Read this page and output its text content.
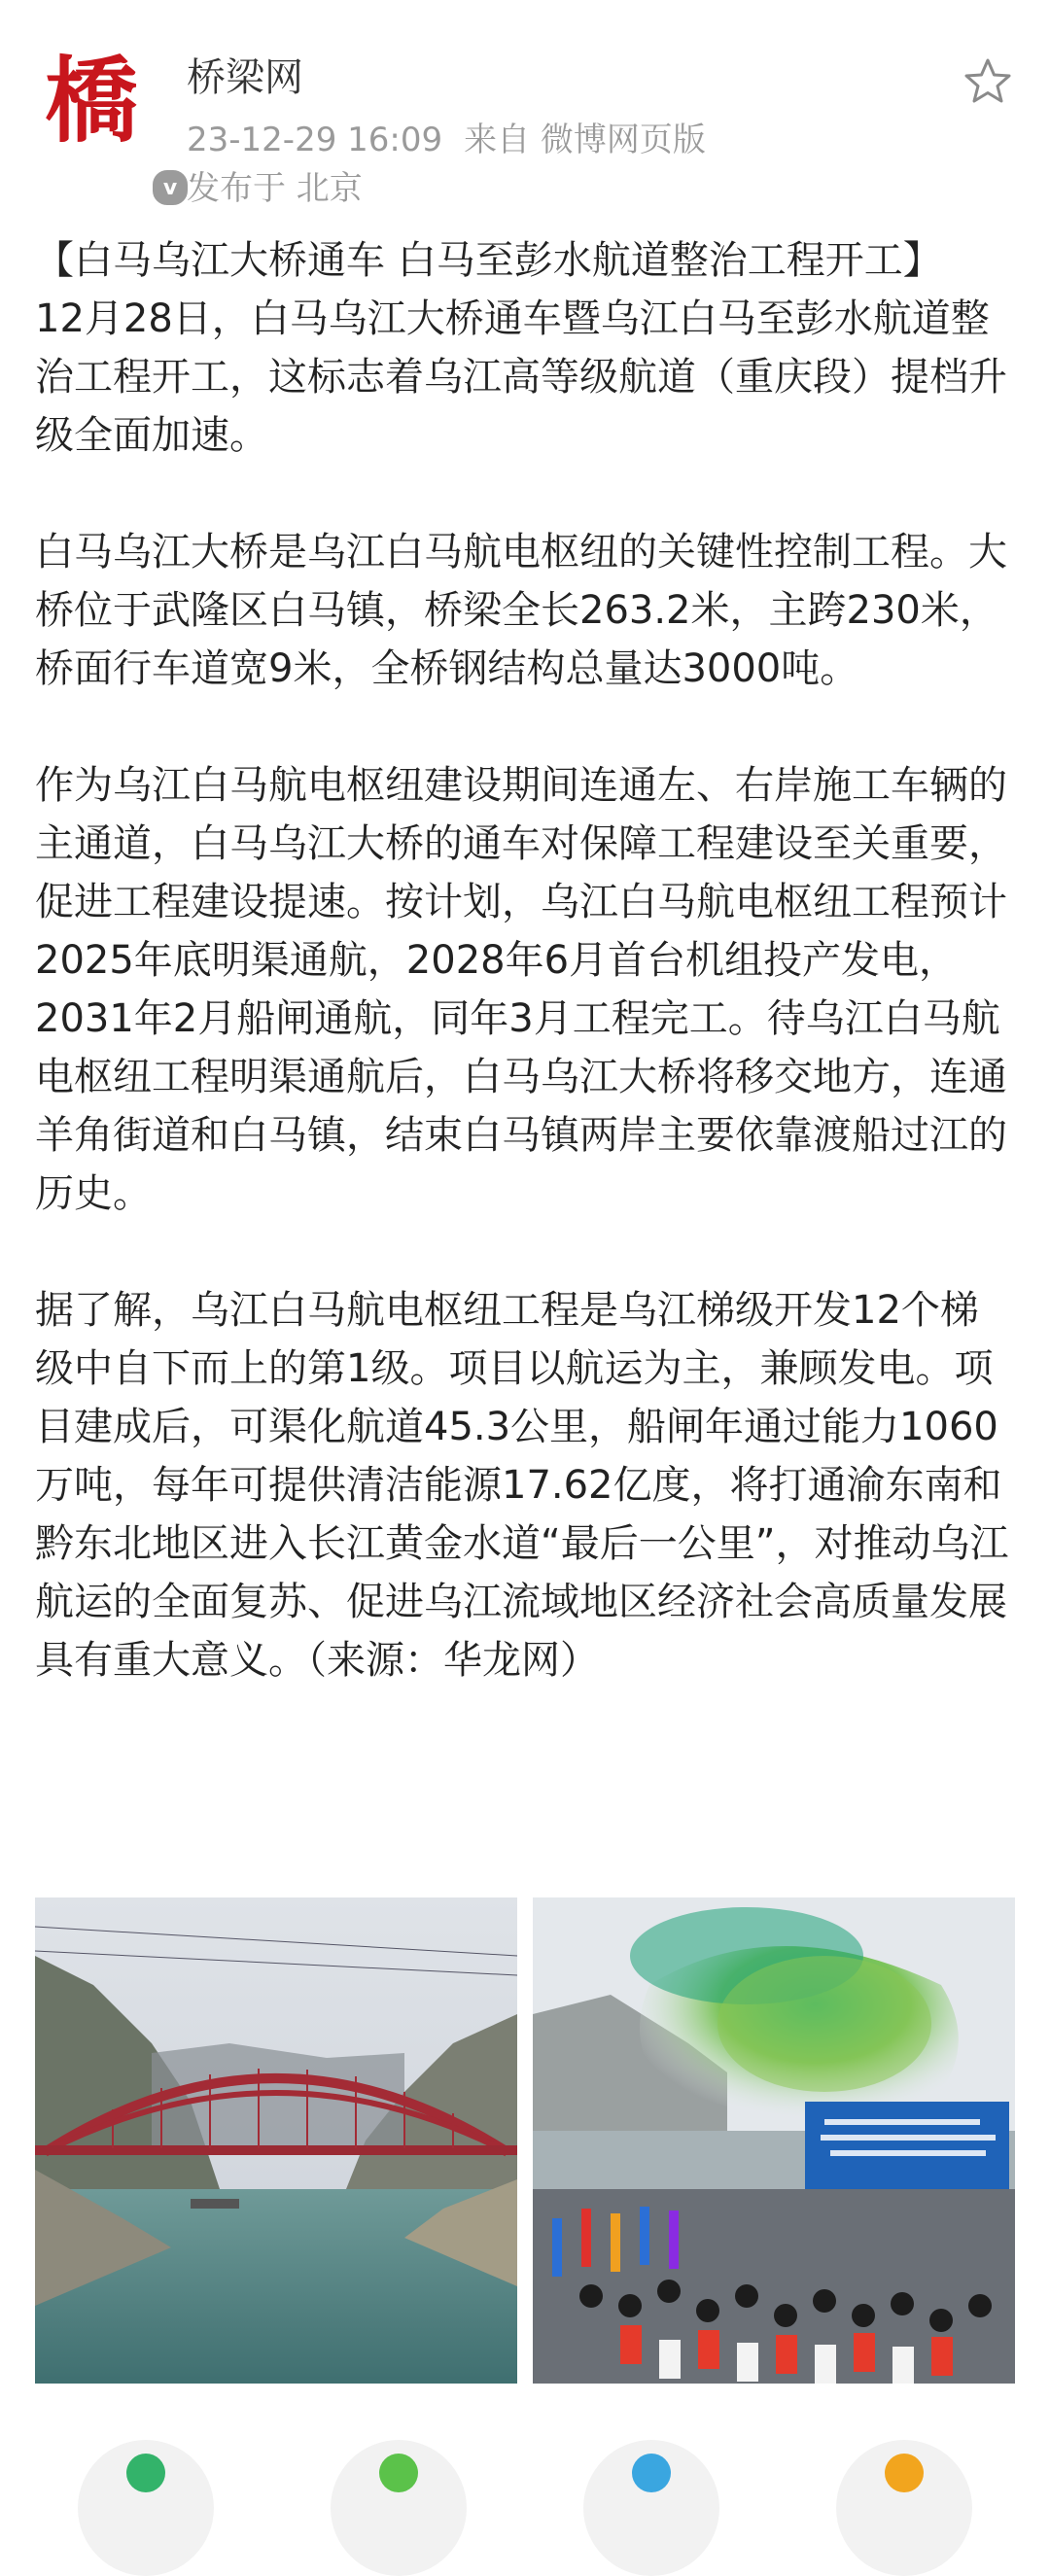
橋
v
桥梁网
23-12-29 16:09 来自 微博网页版
发布于 北京

【白马乌江大桥通车 白马至彭水航道整治工程开工】
12月28日，白马乌江大桥通车暨乌江白马至彭水航道整治工程开工，这标志着乌江高等级航道（重庆段）提档升级全面加速。

白马乌江大桥是乌江白马航电枢纽的关键性控制工程。大桥位于武隆区白马镇，桥梁全长263.2米，主跨230米，桥面行车道宽9米，全桥钢结构总量达3000吨。

作为乌江白马航电枢纽建设期间连通左、右岸施工车辆的主通道，白马乌江大桥的通车对保障工程建设至关重要，促进工程建设提速。按计划，乌江白马航电枢纽工程预计2025年底明渠通航，2028年6月首台机组投产发电，2031年2月船闸通航，同年3月工程完工。待乌江白马航电枢纽工程明渠通航后，白马乌江大桥将移交地方，连通羊角街道和白马镇，结束白马镇两岸主要依靠渡船过江的历史。

据了解，乌江白马航电枢纽工程是乌江梯级开发12个梯级中自下而上的第1级。项目以航运为主，兼顾发电。项目建成后，可渠化航道45.3公里，船闸年通过能力1060万吨，每年可提供清洁能源17.62亿度，将打通渝东南和黔东北地区进入长江黄金水道“最后一公里”，对推动乌江航运的全面复苏、促进乌江流域地区经济社会高质量发展具有重大意义。（来源：华龙网）
